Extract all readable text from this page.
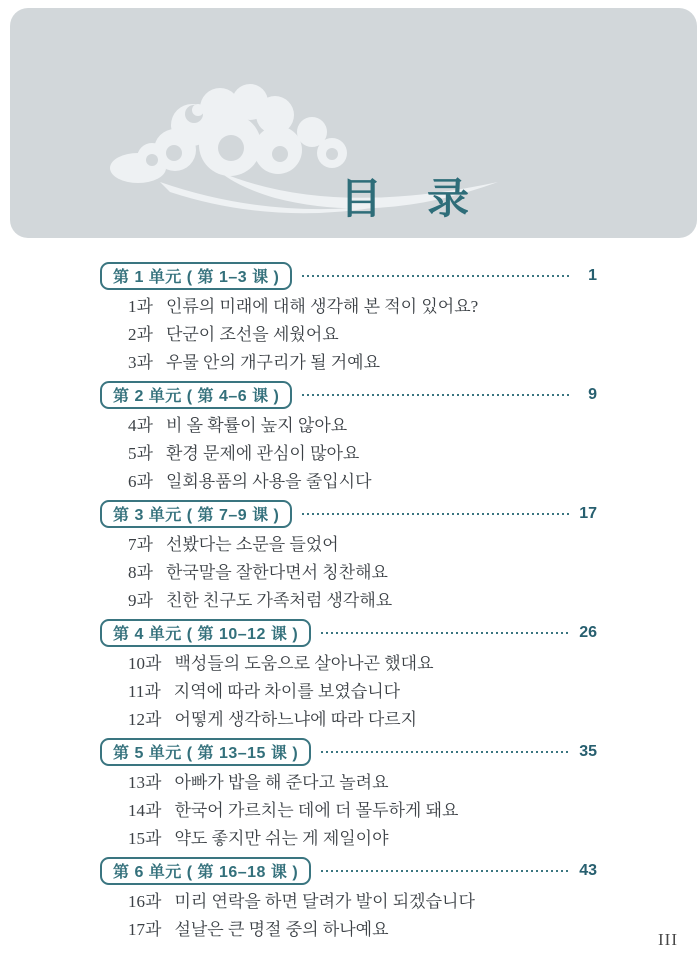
目  录
第 1 单元 ( 第 1–3 课 )	1
1과 인류의 미래에 대해 생각해 본 적이 있어요?
2과 단군이 조선을 세웠어요
3과 우물 안의 개구리가 될 거예요
第 2 单元 ( 第 4–6 课 )	9
4과 비 올 확률이 높지 않아요
5과 환경 문제에 관심이 많아요
6과 일회용품의 사용을 줄입시다
第 3 单元 ( 第 7–9 课 )	17
7과 선봤다는 소문을 들었어
8과 한국말을 잘한다면서 칭찬해요
9과 친한 친구도 가족처럼 생각해요
第 4 单元 ( 第 10–12 课 )	26
10과 백성들의 도움으로 살아나곤 했대요
11과 지역에 따라 차이를 보였습니다
12과 어떻게 생각하느냐에 따라 다르지
第 5 单元 ( 第 13–15 课 )	35
13과 아빠가 밥을 해 준다고 놀려요
14과 한국어 가르치는 데에 더 몰두하게 돼요
15과 약도 좋지만 쉬는 게 제일이야
第 6 单元 ( 第 16–18 课 )	43
16과 미리 연락을 하면 달려가 발이 되겠습니다
17과 설날은 큰 명절 중의 하나예요
III
